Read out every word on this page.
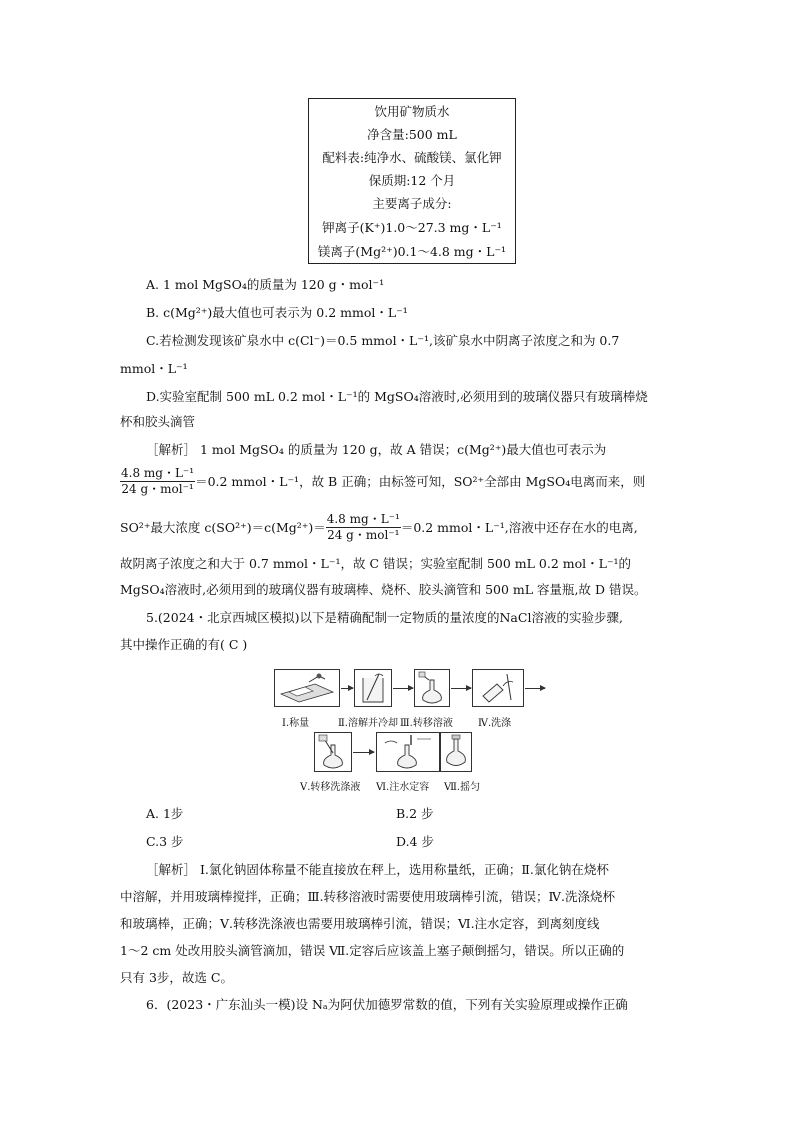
饮用矿物质水
净含量:500 mL
配料表:纯净水、硫酸镁、氯化钾
保质期:12 个月
主要离子成分:
钾离子(K⁺)1.0～27.3 mg・L⁻¹
镁离子(Mg²⁺)0.1～4.8 mg・L⁻¹
A. 1 mol MgSO₄的质量为 120 g・mol⁻¹
B. c(Mg²⁺)最大值也可表示为 0.2 mmol・L⁻¹
C.若检测发现该矿泉水中 c(Cl⁻)＝0.5 mmol・L⁻¹,该矿泉水中阴离子浓度之和为 0.7
mmol・L⁻¹
D.实验室配制 500 mL 0.2 mol・L⁻¹的 MgSO₄溶液时,必须用到的玻璃仪器只有玻璃棒烧
杯和胶头滴管
［解析］ 1 mol MgSO₄ 的质量为 120 g，故 A 错误；c(Mg²⁺)最大值也可表示为
$\frac{\text{4.8 mg・L⁻¹}}{\text{24 g・mol⁻¹}} =0.2$ mmol・L⁻¹，故 B 正确；由标签可知，SO²⁺全部由 MgSO₄电离而来，则
SO²⁺最大浓度 $c(SO^{2+})=c(Mg^{2+})= \frac{\text{4.8 mg・L⁻¹}}{\text{24 g・mol⁻¹}} =0.2$ mmol・L⁻¹,溶液中还存在水的电离,
故阴离子浓度之和大于 0.7 mmol・L⁻¹，故 C 错误；实验室配制 500 mL 0.2 mol・L⁻¹的
MgSO₄溶液时,必须用到的玻璃仪器有玻璃棒、烧杯、胶头滴管和 500 mL 容量瓶,故 D 错误。
5.(2024・北京西城区模拟)以下是精确配制一定物质的量浓度的NaCl溶液的实验步骤,
其中操作正确的有( C )
Ⅰ.称量	Ⅱ.溶解并冷却 Ⅲ.转移溶液	Ⅳ.洗涤
Ⅴ.转移洗涤液 Ⅵ.注水定容 Ⅶ.摇匀
A. 1步	B.2 步
C.3 步	D.4 步
［解析］ Ⅰ.氯化钠固体称量不能直接放在秤上，选用称量纸，正确；Ⅱ.氯化钠在烧杯
中溶解，并用玻璃棒搅拌，正确；Ⅲ.转移溶液时需要使用玻璃棒引流，错误；Ⅳ.洗涤烧杯
和玻璃棒，正确；Ⅴ.转移洗涤液也需要用玻璃棒引流，错误；Ⅵ.注水定容，到离刻度线
1～2 cm 处改用胶头滴管滴加，错误 Ⅶ.定容后应该盖上塞子颠倒摇匀，错误。所以正确的
只有 3步，故选 C。
6．(2023・广东汕头一模)设 Nₐ为阿伏加德罗常数的值，下列有关实验原理或操作正确
